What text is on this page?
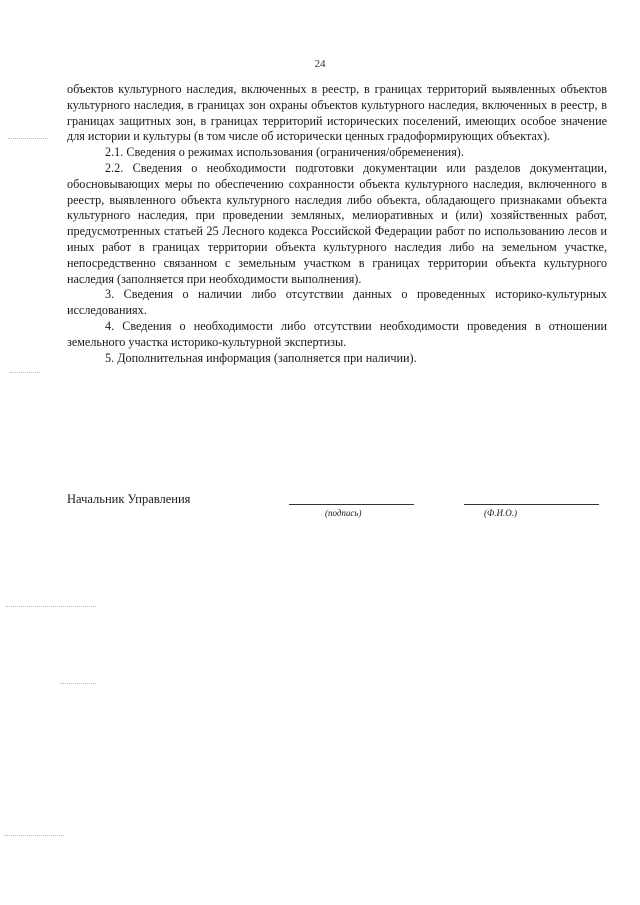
24

объектов культурного наследия, включенных в реестр, в границах территорий выявленных объектов культурного наследия, в границах зон охраны объектов культурного наследия, включенных в реестр, в границах защитных зон, в границах территорий исторических поселений, имеющих особое значение для истории и культуры (в том числе об исторически ценных градоформирующих объектах).

2.1. Сведения о режимах использования (ограничения/обременения).

2.2. Сведения о необходимости подготовки документации или разделов документации, обосновывающих меры по обеспечению сохранности объекта культурного наследия, включенного в реестр, выявленного объекта культурного наследия либо объекта, обладающего признаками объекта культурного наследия, при проведении земляных, мелиоративных и (или) хозяйственных работ, предусмотренных статьей 25 Лесного кодекса Российской Федерации работ по использованию лесов и иных работ в границах территории объекта культурного наследия либо на земельном участке, непосредственно связанном с земельным участком в границах территории объекта культурного наследия (заполняется при необходимости выполнения).

3. Сведения о наличии либо отсутствии данных о проведенных историко-культурных исследованиях.

4. Сведения о необходимости либо отсутствии необходимости проведения в отношении земельного участка историко-культурной экспертизы.

5. Дополнительная информация (заполняется при наличии).

Начальник Управления
(подпись)	(Ф.И.О.)
